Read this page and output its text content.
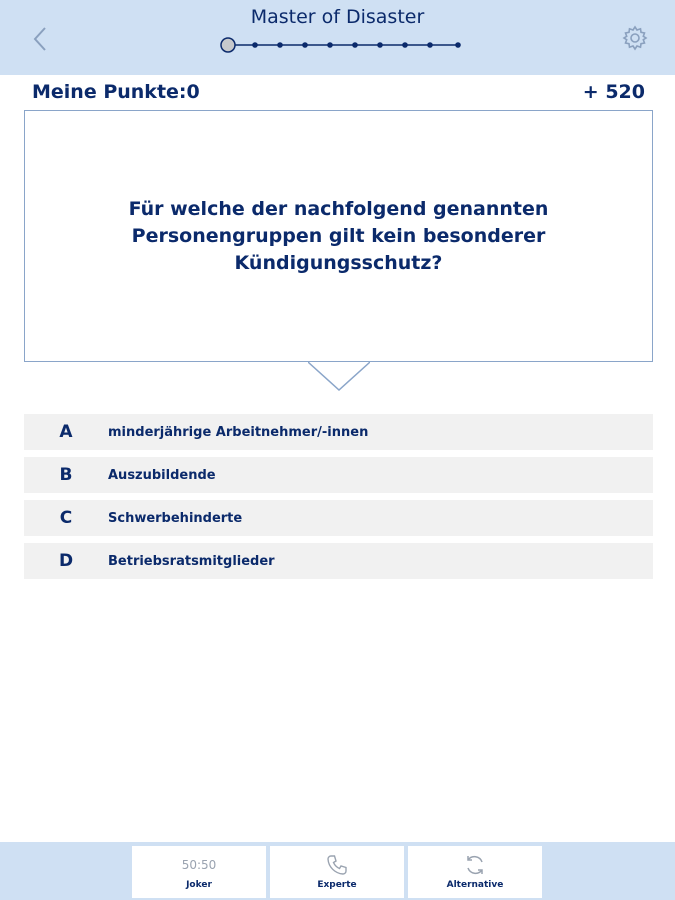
Master of Disaster
Meine Punkte:0	+ 520
Für welche der nachfolgend genannten Personengruppen gilt kein besonderer Kündigungsschutz?
A	minderjährige Arbeitnehmer/-innen
B	Auszubildende
C	Schwerbehinderte
D	Betriebsratsmitglieder
50:50
Joker	Experte	Alternative
